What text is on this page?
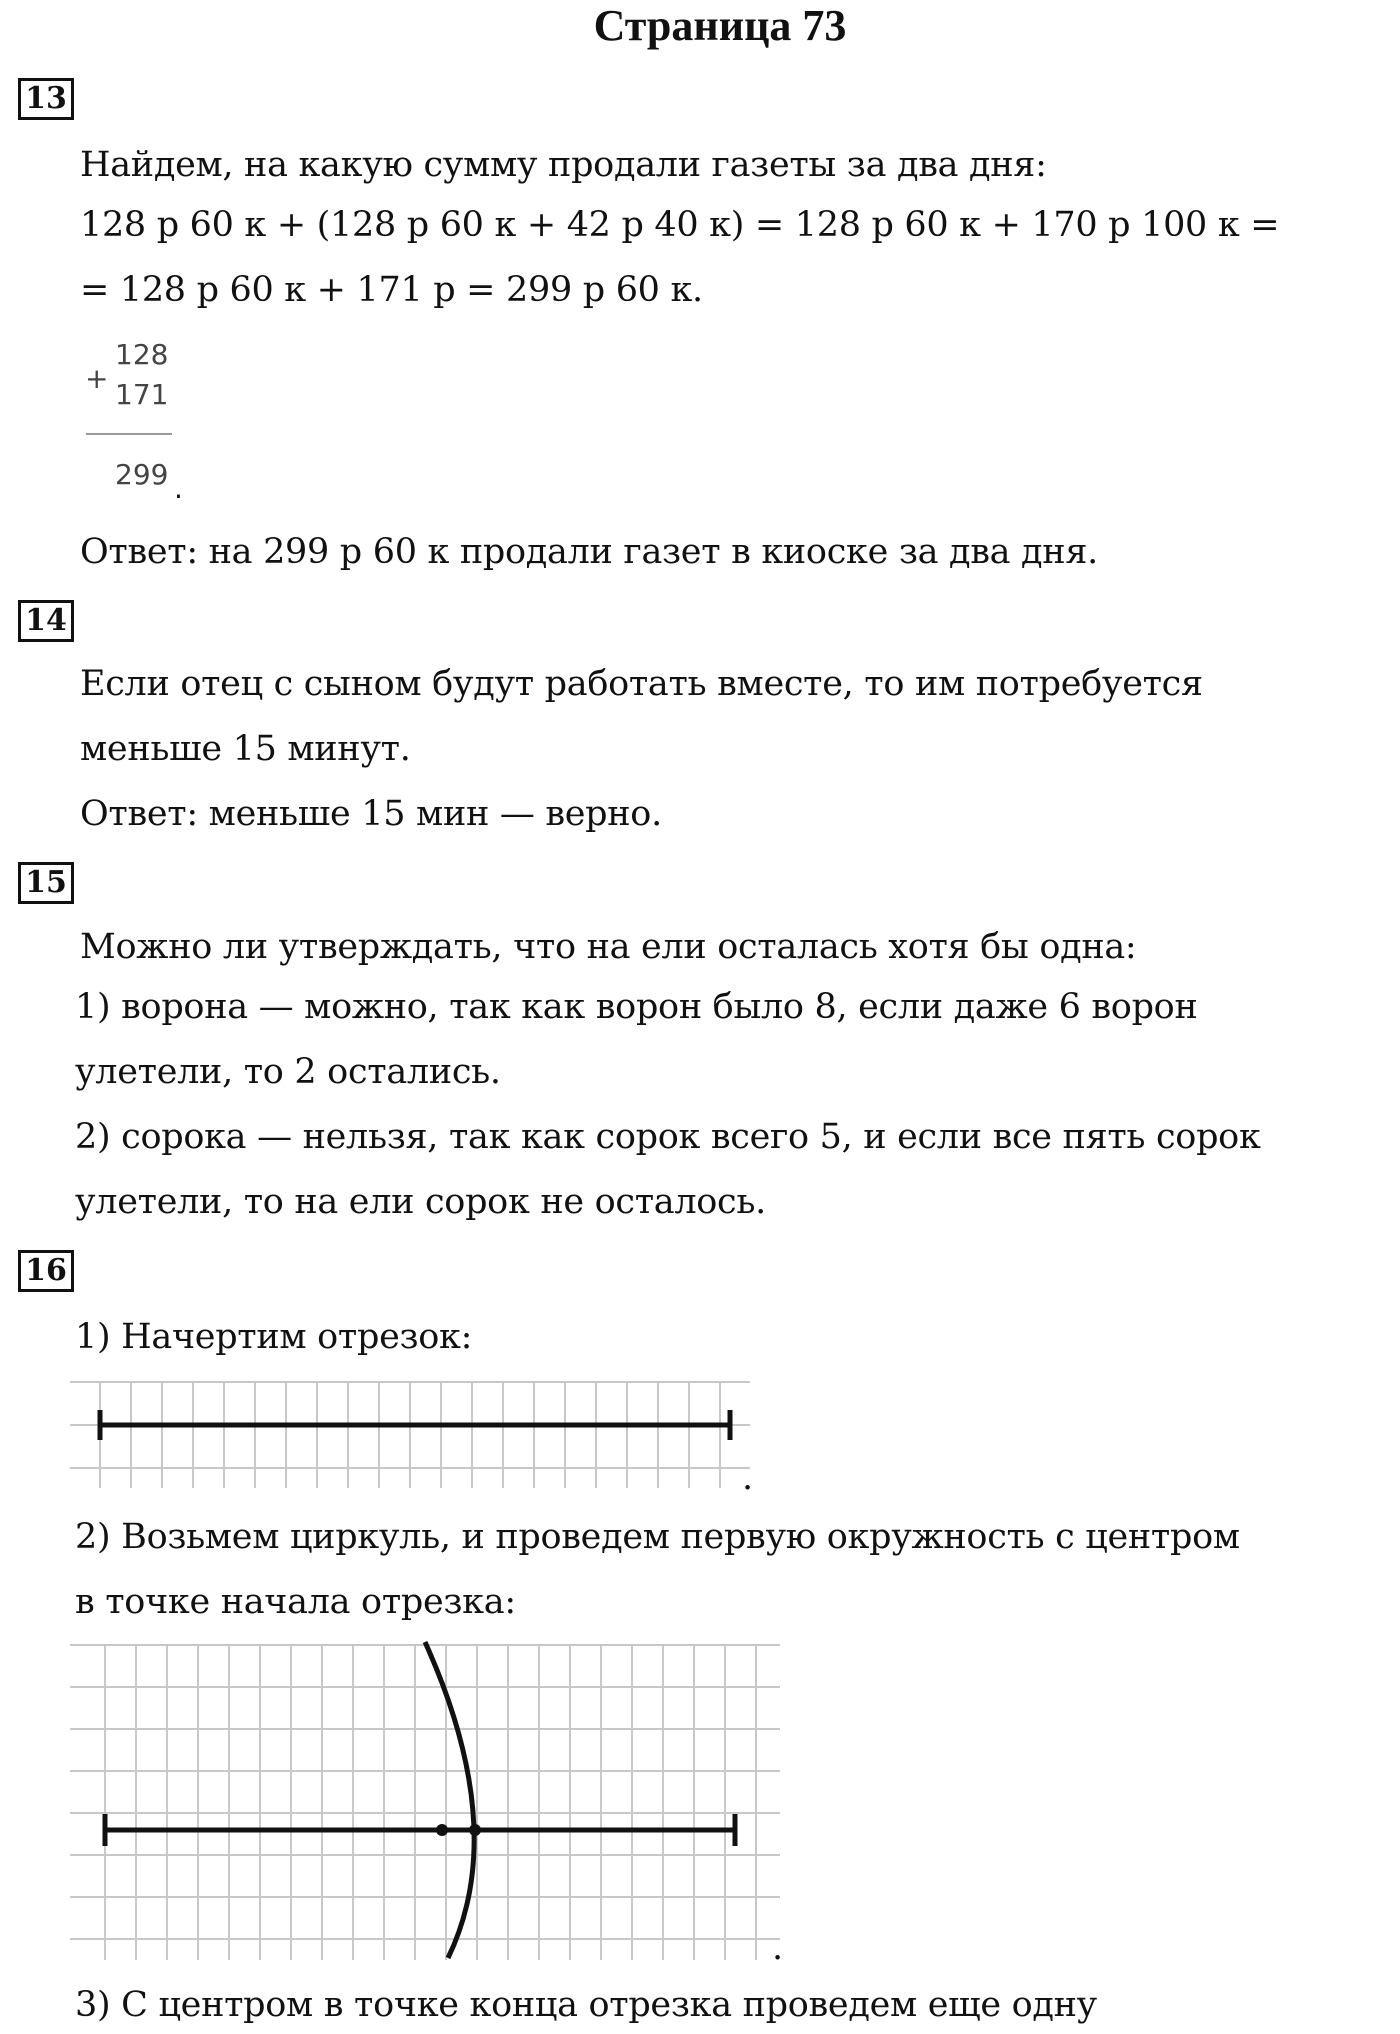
Страница 73
13
Найдем, на какую сумму продали газеты за два дня:
128 р 60 к + (128 р 60 к + 42 р 40 к) = 128 р 60 к + 170 р 100 к =
= 128 р 60 к + 171 р = 299 р 60 к.
+
128
171
299 .
Ответ: на 299 р 60 к продали газет в киоске за два дня.
14
Если отец с сыном будут работать вместе, то им потребуется
меньше 15 минут.
Ответ: меньше 15 мин — верно.
15
Можно ли утверждать, что на ели осталась хотя бы одна:
1) ворона — можно, так как ворон было 8, если даже 6 ворон
улетели, то 2 остались.
2) сорока — нельзя, так как сорок всего 5, и если все пять сорок
улетели, то на ели сорок не осталось.
16
1) Начертим отрезок:
.
2) Возьмем циркуль, и проведем первую окружность с центром
в точке начала отрезка:
.
3) С центром в точке конца отрезка проведем еще одну
